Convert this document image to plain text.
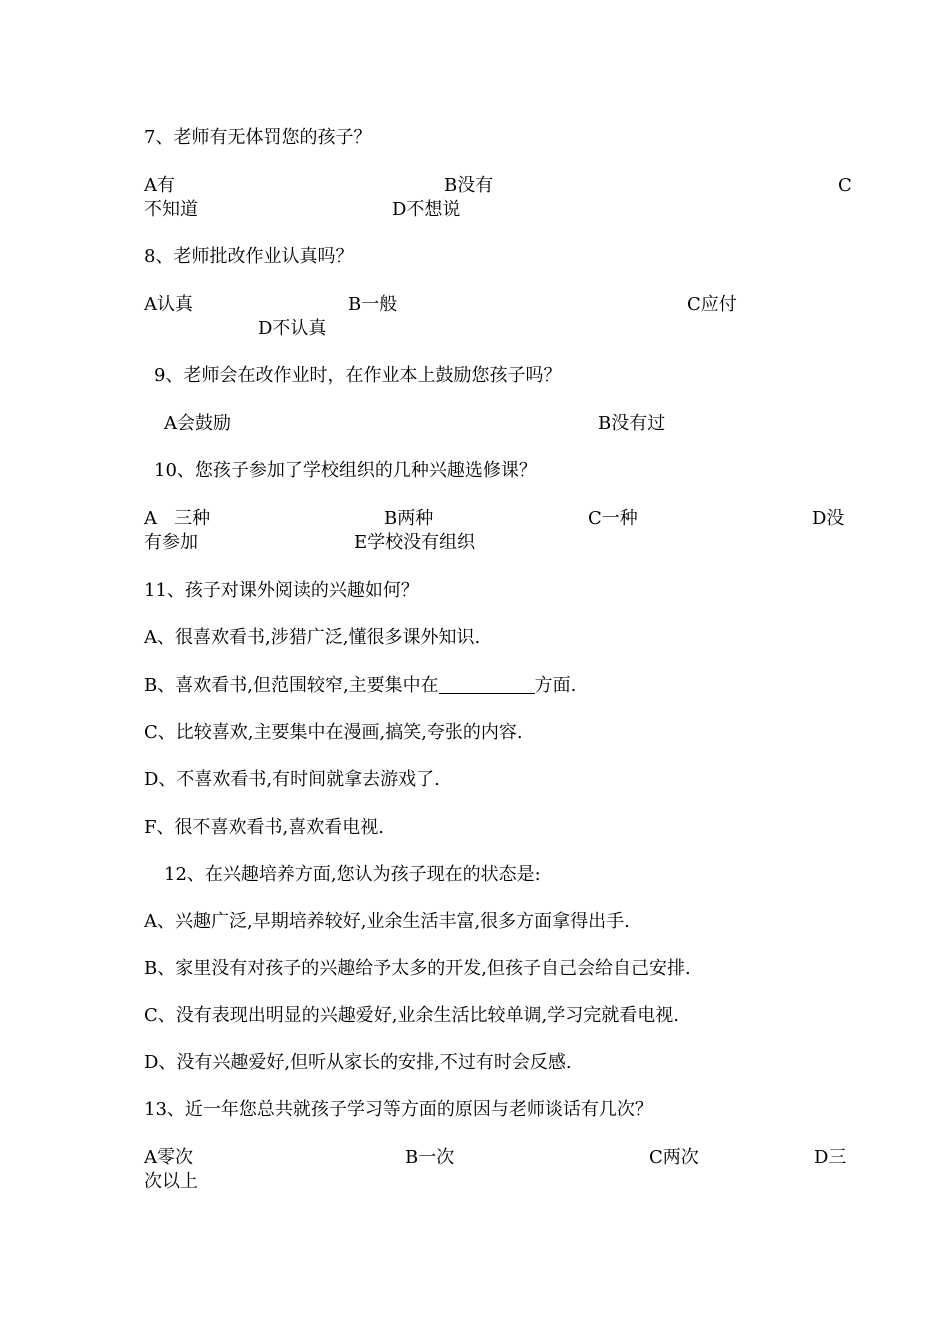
7、老师有无体罚您的孩子？
A有	B没有	C
不知道	D不想说
8、老师批改作业认真吗？
A认真	B一般	C应付
D不认真
9、老师会在改作业时，在作业本上鼓励您孩子吗？
A会鼓励	B没有过
10、您孩子参加了学校组织的几种兴趣选修课？
A   三种	B两种	C一种	D没
有参加	E学校没有组织
11、孩子对课外阅读的兴趣如何？
A、很喜欢看书,涉猎广泛,懂很多课外知识.
B、喜欢看书,但范围较窄,主要集中在	方面.
C、比较喜欢,主要集中在漫画,搞笑,夸张的内容.
D、不喜欢看书,有时间就拿去游戏了.
F、很不喜欢看书,喜欢看电视.
12、在兴趣培养方面,您认为孩子现在的状态是:
A、兴趣广泛,早期培养较好,业余生活丰富,很多方面拿得出手.
B、家里没有对孩子的兴趣给予太多的开发,但孩子自己会给自己安排.
C、没有表现出明显的兴趣爱好,业余生活比较单调,学习完就看电视.
D、没有兴趣爱好,但听从家长的安排,不过有时会反感.
13、近一年您总共就孩子学习等方面的原因与老师谈话有几次？
A零次	B一次	C两次	D三
次以上
